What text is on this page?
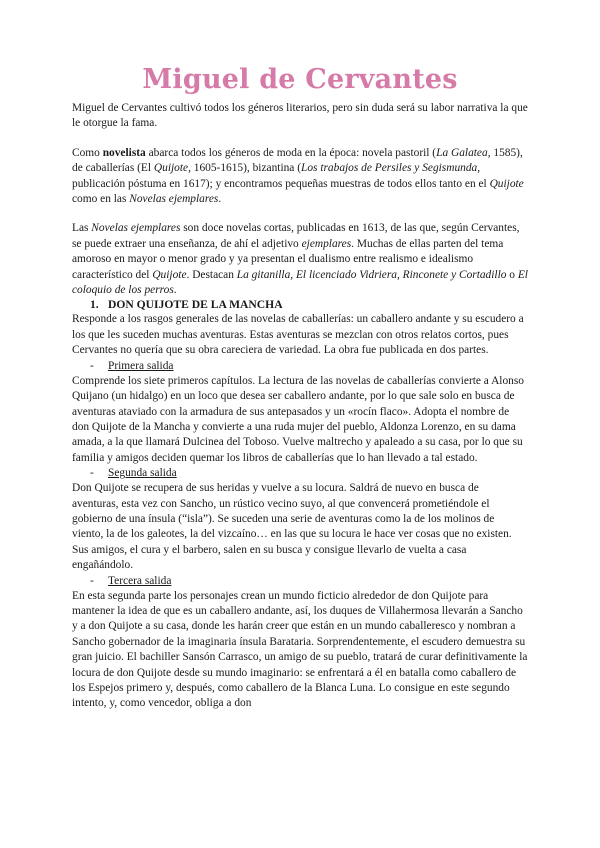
Miguel de Cervantes

Miguel de Cervantes cultivó todos los géneros literarios, pero sin duda será su labor narrativa la que le otorgue la fama.

Como novelista abarca todos los géneros de moda en la época: novela pastoril (La Galatea, 1585), de caballerías (El Quijote, 1605-1615), bizantina (Los trabajos de Persiles y Segismunda, publicación póstuma en 1617); y encontramos pequeñas muestras de todos ellos tanto en el Quijote como en las Novelas ejemplares.

Las Novelas ejemplares son doce novelas cortas, publicadas en 1613, de las que, según Cervantes, se puede extraer una enseñanza, de ahí el adjetivo ejemplares. Muchas de ellas parten del tema amoroso en mayor o menor grado y ya presentan el dualismo entre realismo e idealismo característico del Quijote. Destacan La gitanilla, El licenciado Vidriera, Rinconete y Cortadillo o El coloquio de los perros.

1. DON QUIJOTE DE LA MANCHA

Responde a los rasgos generales de las novelas de caballerías: un caballero andante y su escudero a los que les suceden muchas aventuras. Estas aventuras se mezclan con otros relatos cortos, pues Cervantes no quería que su obra careciera de variedad. La obra fue publicada en dos partes.

- Primera salida

Comprende los siete primeros capítulos. La lectura de las novelas de caballerías convierte a Alonso Quijano (un hidalgo) en un loco que desea ser caballero andante, por lo que sale solo en busca de aventuras ataviado con la armadura de sus antepasados y un «rocín flaco». Adopta el nombre de don Quijote de la Mancha y convierte a una ruda mujer del pueblo, Aldonza Lorenzo, en su dama amada, a la que llamará Dulcinea del Toboso. Vuelve maltrecho y apaleado a su casa, por lo que su familia y amigos deciden quemar los libros de caballerías que lo han llevado a tal estado.

- Segunda salida

Don Quijote se recupera de sus heridas y vuelve a su locura. Saldrá de nuevo en busca de aventuras, esta vez con Sancho, un rústico vecino suyo, al que convencerá prometiéndole el gobierno de una ínsula (“isla”). Se suceden una serie de aventuras como la de los molinos de viento, la de los galeotes, la del vizcaíno… en las que su locura le hace ver cosas que no existen. Sus amigos, el cura y el barbero, salen en su busca y consigue llevarlo de vuelta a casa engañándolo.

- Tercera salida

En esta segunda parte los personajes crean un mundo ficticio alrededor de don Quijote para mantener la idea de que es un caballero andante, así, los duques de Villahermosa llevarán a Sancho y a don Quijote a su casa, donde les harán creer que están en un mundo caballeresco y nombran a Sancho gobernador de la imaginaria ínsula Barataria. Sorprendentemente, el escudero demuestra su gran juicio. El bachiller Sansón Carrasco, un amigo de su pueblo, tratará de curar definitivamente la locura de don Quijote desde su mundo imaginario: se enfrentará a él en batalla como caballero de los Espejos primero y, después, como caballero de la Blanca Luna. Lo consigue en este segundo intento, y, como vencedor, obliga a don
